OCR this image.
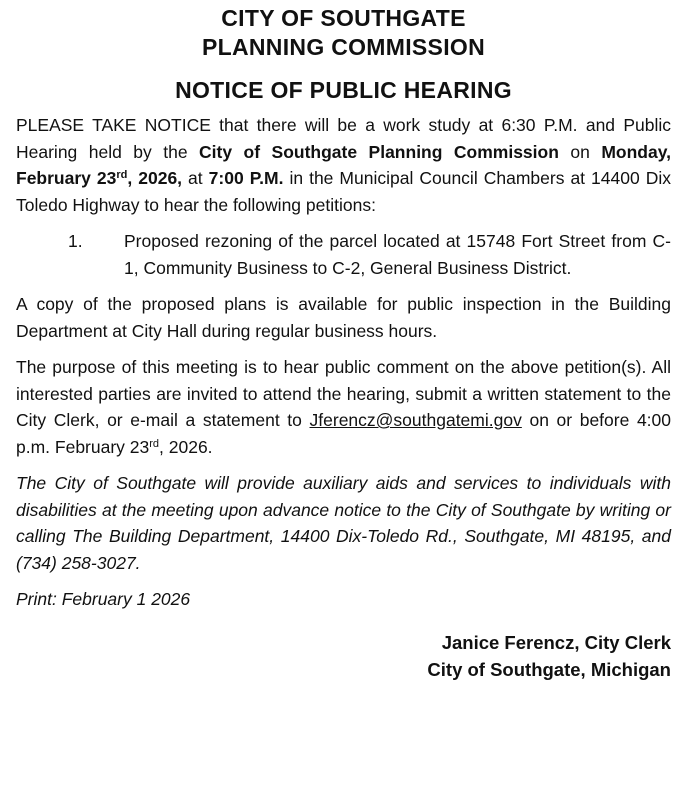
CITY OF SOUTHGATE
PLANNING COMMISSION
NOTICE OF PUBLIC HEARING

PLEASE TAKE NOTICE that there will be a work study at 6:30 P.M. and Public Hearing held by the City of Southgate Planning Commission on Monday, February 23rd, 2026, at 7:00 P.M. in the Municipal Council Chambers at 14400 Dix Toledo Highway to hear the following petitions:

1.	Proposed rezoning of the parcel located at 15748 Fort Street from C-1, Community Business to C-2, General Business District.

A copy of the proposed plans is available for public inspection in the Building Department at City Hall during regular business hours.

The purpose of this meeting is to hear public comment on the above petition(s). All interested parties are invited to attend the hearing, submit a written statement to the City Clerk, or e-mail a statement to Jferencz@southgatemi.gov on or before 4:00 p.m. February 23rd, 2026.

The City of Southgate will provide auxiliary aids and services to individuals with disabilities at the meeting upon advance notice to the City of Southgate by writing or calling The Building Department, 14400 Dix-Toledo Rd., Southgate, MI 48195, and (734) 258-3027.

Print: February 1 2026

Janice Ferencz, City Clerk
City of Southgate, Michigan
